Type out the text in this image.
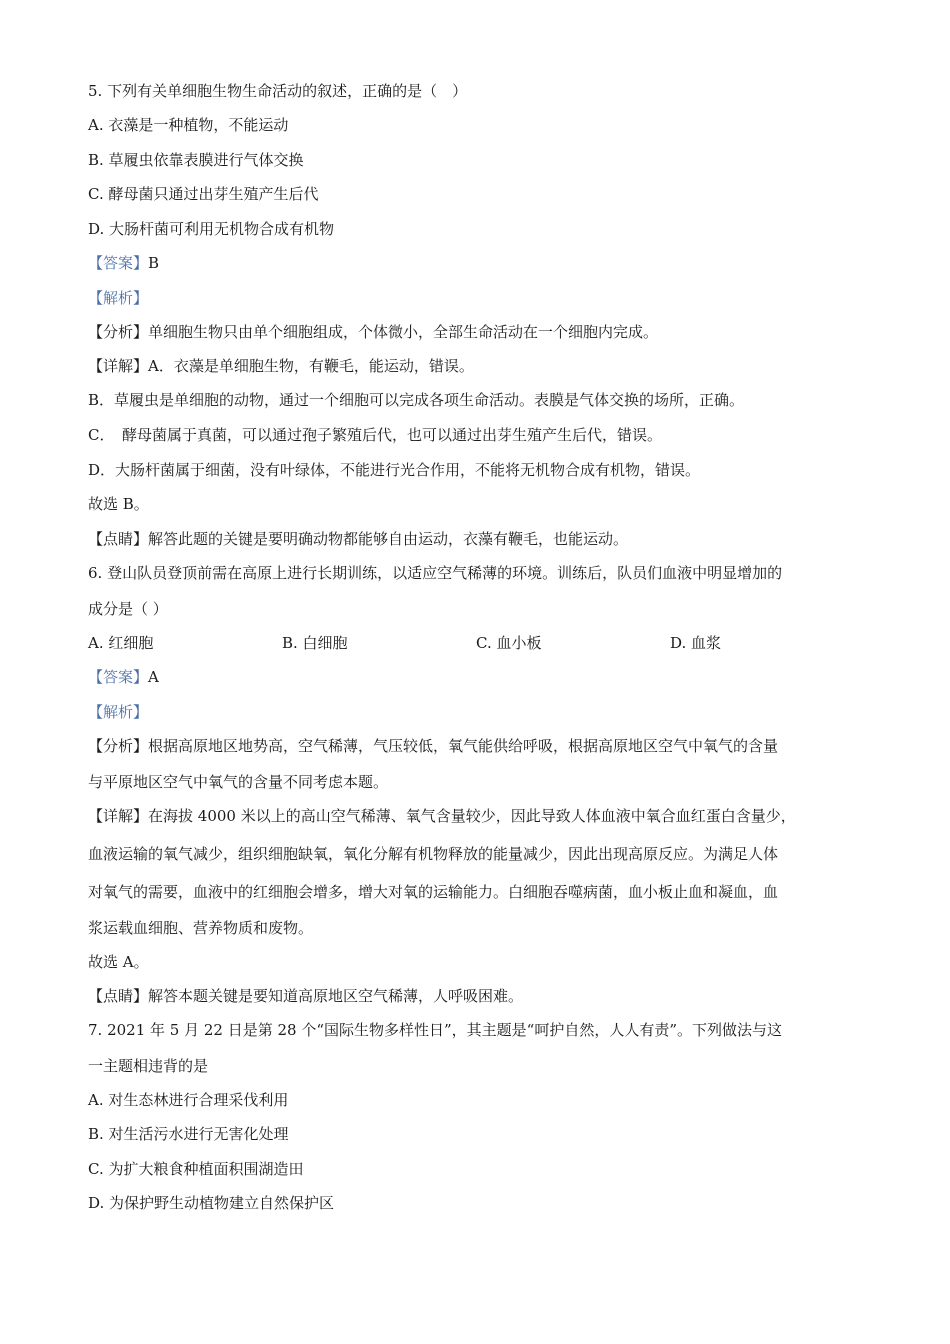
5. 下列有关单细胞生物生命活动的叙述，正确的是（　）
A. 衣藻是一种植物，不能运动
B. 草履虫依靠表膜进行气体交换
C. 酵母菌只通过出芽生殖产生后代
D. 大肠杆菌可利用无机物合成有机物
【答案】B
【解析】
【分析】单细胞生物只由单个细胞组成，个体微小，全部生命活动在一个细胞内完成。
【详解】A．衣藻是单细胞生物，有鞭毛，能运动，错误。
B．草履虫是单细胞的动物，通过一个细胞可以完成各项生命活动。表膜是气体交换的场所，正确。
C．　酵母菌属于真菌，可以通过孢子繁殖后代，也可以通过出芽生殖产生后代，错误。
D．大肠杆菌属于细菌，没有叶绿体，不能进行光合作用，不能将无机物合成有机物，错误。
故选 B。
【点睛】解答此题的关键是要明确动物都能够自由运动，衣藻有鞭毛，也能运动。
6. 登山队员登顶前需在高原上进行长期训练，以适应空气稀薄的环境。训练后，队员们血液中明显增加的
成分是（ ）
A. 红细胞	B. 白细胞	C. 血小板	D. 血浆
【答案】A
【解析】
【分析】根据高原地区地势高，空气稀薄，气压较低，氧气能供给呼吸，根据高原地区空气中氧气的含量
与平原地区空气中氧气的含量不同考虑本题。
【详解】在海拔 4000 米以上的高山空气稀薄、氧气含量较少，因此导致人体血液中氧合血红蛋白含量少，
血液运输的氧气减少，组织细胞缺氧，氧化分解有机物释放的能量减少，因此出现高原反应。为满足人体
对氧气的需要，血液中的红细胞会增多，增大对氧的运输能力。白细胞吞噬病菌，血小板止血和凝血，血
浆运载血细胞、营养物质和废物。
故选 A。
【点睛】解答本题关键是要知道高原地区空气稀薄，人呼吸困难。
7. 2021 年 5 月 22 日是第 28 个“国际生物多样性日”，其主题是“呵护自然，人人有责”。下列做法与这
一主题相违背的是
A. 对生态林进行合理采伐利用
B. 对生活污水进行无害化处理
C. 为扩大粮食种植面积围湖造田
D. 为保护野生动植物建立自然保护区
